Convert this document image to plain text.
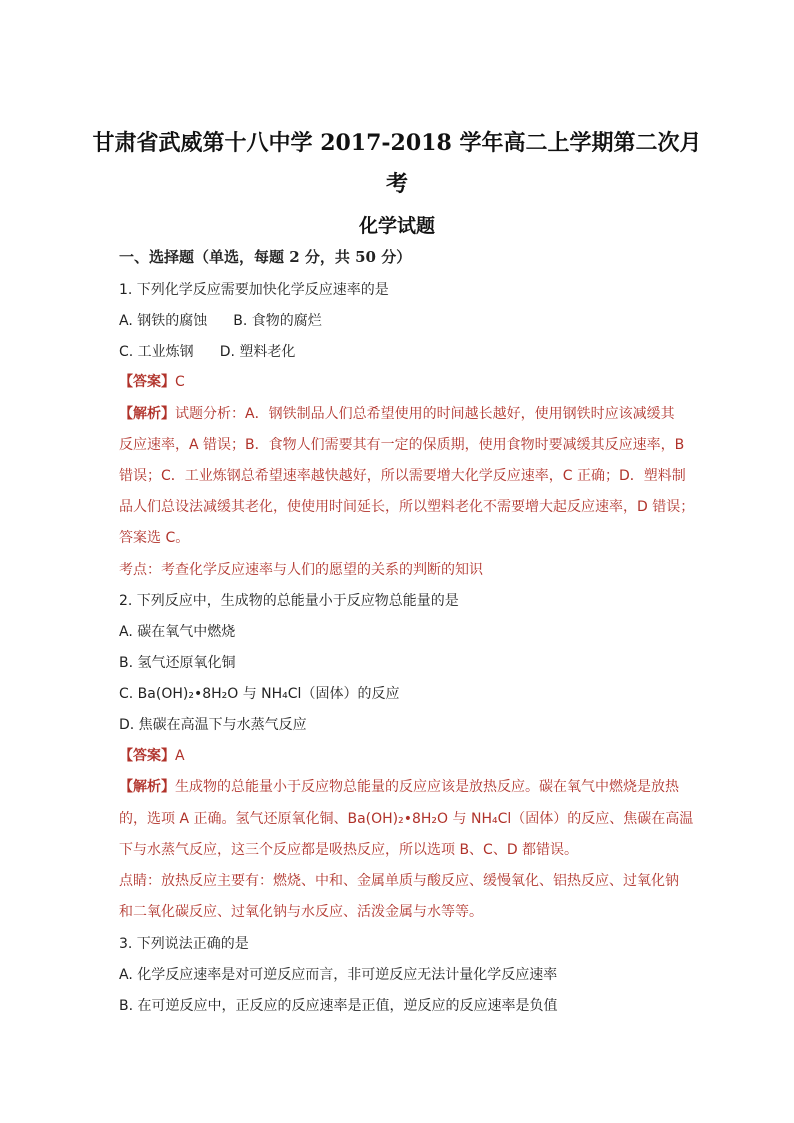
甘肃省武威第十八中学 2017-2018 学年高二上学期第二次月
考
化学试题
一、选择题（单选，每题 2 分，共 50 分）
1. 下列化学反应需要加快化学反应速率的是
A. 钢铁的腐蚀 B. 食物的腐烂
C. 工业炼钢 D. 塑料老化
【答案】C
【解析】试题分析：A．钢铁制品人们总希望使用的时间越长越好，使用钢铁时应该减缓其
反应速率，A 错误；B．食物人们需要其有一定的保质期，使用食物时要减缓其反应速率，B
错误；C．工业炼钢总希望速率越快越好，所以需要增大化学反应速率，C 正确；D．塑料制
品人们总设法减缓其老化，使使用时间延长，所以塑料老化不需要增大起反应速率，D 错误；
答案选 C。
考点：考查化学反应速率与人们的愿望的关系的判断的知识
2. 下列反应中，生成物的总能量小于反应物总能量的是
A. 碳在氧气中燃烧
B. 氢气还原氧化铜
C. Ba(OH)₂•8H₂O 与 NH₄Cl（固体）的反应
D. 焦碳在高温下与水蒸气反应
【答案】A
【解析】生成物的总能量小于反应物总能量的反应应该是放热反应。碳在氧气中燃烧是放热
的，选项 A 正确。氢气还原氧化铜、Ba(OH)₂•8H₂O 与 NH₄Cl（固体）的反应、焦碳在高温
下与水蒸气反应，这三个反应都是吸热反应，所以选项 B、C、D 都错误。
点睛：放热反应主要有：燃烧、中和、金属单质与酸反应、缓慢氧化、铝热反应、过氧化钠
和二氧化碳反应、过氧化钠与水反应、活泼金属与水等等。
3. 下列说法正确的是
A. 化学反应速率是对可逆反应而言，非可逆反应无法计量化学反应速率
B. 在可逆反应中，正反应的反应速率是正值，逆反应的反应速率是负值
